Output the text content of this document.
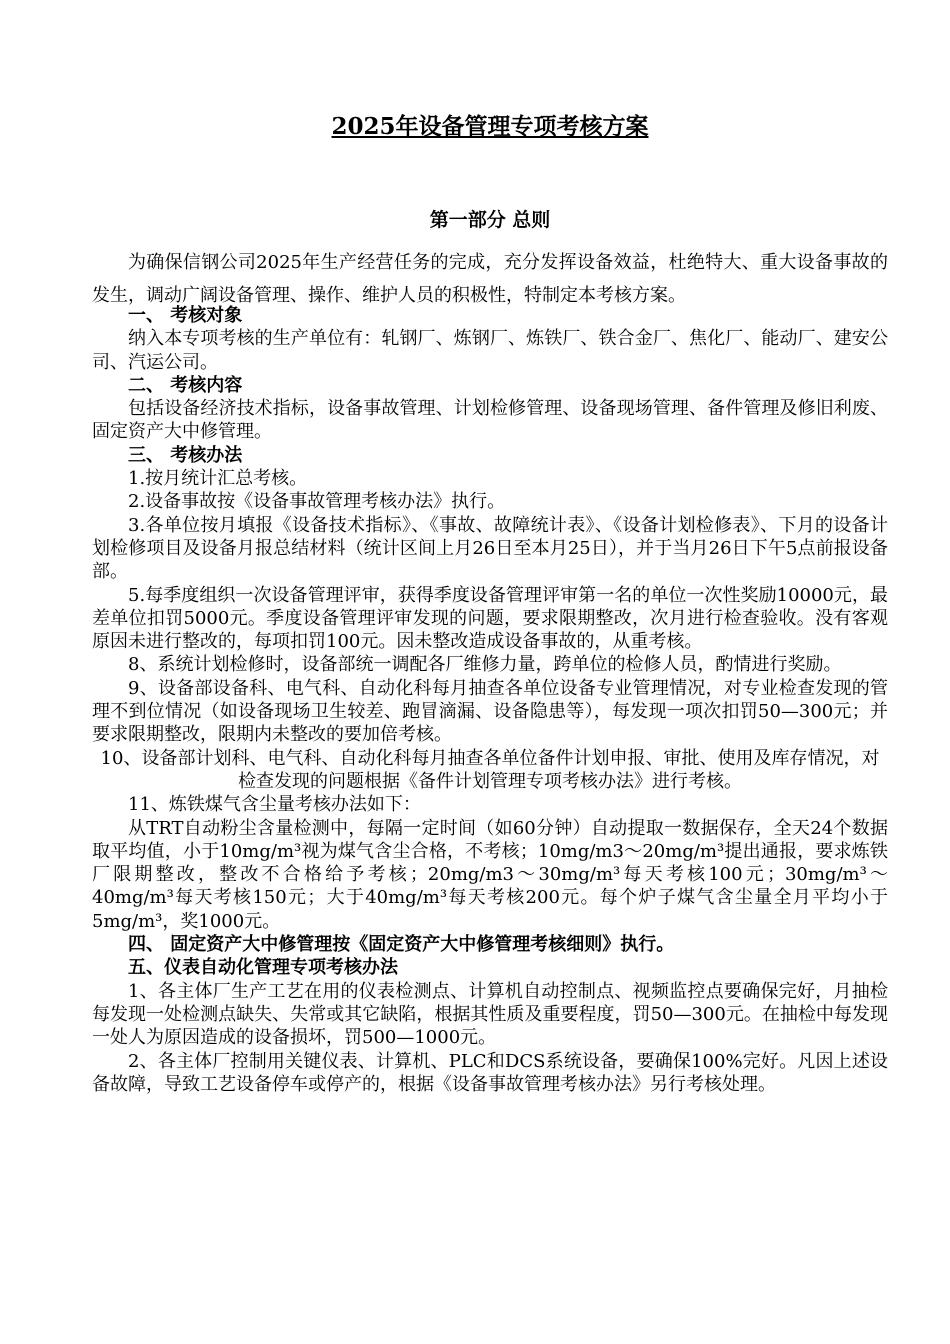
2025年设备管理专项考核方案
第一部分 总则

为确保信钢公司2025年生产经营任务的完成，充分发挥设备效益，杜绝特大、重大设备事故的发生，调动广阔设备管理、操作、维护人员的积极性，特制定本考核方案。

一、 考核对象

纳入本专项考核的生产单位有：轧钢厂、炼钢厂、炼铁厂、铁合金厂、焦化厂、能动厂、建安公司、汽运公司。

二、 考核内容

包括设备经济技术指标，设备事故管理、计划检修管理、设备现场管理、备件管理及修旧利废、固定资产大中修管理。

三、 考核办法

1.按月统计汇总考核。

2.设备事故按《设备事故管理考核办法》执行。

3.各单位按月填报《设备技术指标》、《事故、故障统计表》、《设备计划检修表》、下月的设备计划检修项目及设备月报总结材料（统计区间上月26日至本月25日），并于当月26日下午5点前报设备部。

5.每季度组织一次设备管理评审，获得季度设备管理评审第一名的单位一次性奖励10000元，最差单位扣罚5000元。季度设备管理评审发现的问题，要求限期整改，次月进行检查验收。没有客观原因未进行整改的，每项扣罚100元。因未整改造成设备事故的，从重考核。

8、系统计划检修时，设备部统一调配各厂维修力量，跨单位的检修人员，酌情进行奖励。

9、设备部设备科、电气科、自动化科每月抽查各单位设备专业管理情况，对专业检查发现的管理不到位情况（如设备现场卫生较差、跑冒滴漏、设备隐患等），每发现一项次扣罚50—300元；并要求限期整改，限期内未整改的要加倍考核。

10、设备部计划科、电气科、自动化科每月抽查各单位备件计划申报、审批、使用及库存情况，对检查发现的问题根据《备件计划管理专项考核办法》进行考核。

11、炼铁煤气含尘量考核办法如下：

从TRT自动粉尘含量检测中，每隔一定时间（如60分钟）自动提取一数据保存，全天24个数据取平均值，小于10mg/m³视为煤气含尘合格，不考核；10mg/m3～20mg/m³提出通报，要求炼铁厂限期整改，整改不合格给予考核；20mg/m3～30mg/m³每天考核100元；30mg/m³～40mg/m³每天考核150元；大于40mg/m³每天考核200元。每个炉子煤气含尘量全月平均小于5mg/m³，奖1000元。

四、 固定资产大中修管理按《固定资产大中修管理考核细则》执行。

五、仪表自动化管理专项考核办法

1、各主体厂生产工艺在用的仪表检测点、计算机自动控制点、视频监控点要确保完好，月抽检每发现一处检测点缺失、失常或其它缺陷，根据其性质及重要程度，罚50—300元。在抽检中每发现一处人为原因造成的设备损坏，罚500—1000元。

2、各主体厂控制用关键仪表、计算机、PLC和DCS系统设备，要确保100%完好。凡因上述设备故障，导致工艺设备停车或停产的，根据《设备事故管理考核办法》另行考核处理。
